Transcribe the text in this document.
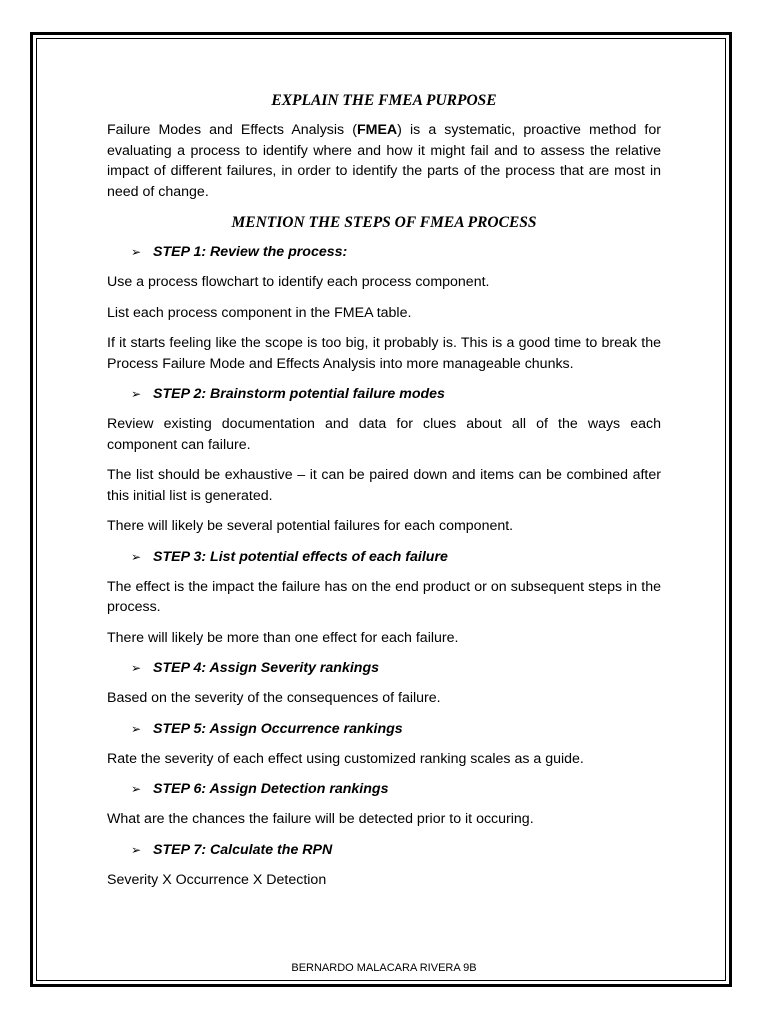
EXPLAIN THE FMEA PURPOSE

Failure Modes and Effects Analysis (FMEA) is a systematic, proactive method for evaluating a process to identify where and how it might fail and to assess the relative impact of different failures, in order to identify the parts of the process that are most in need of change.

MENTION THE STEPS OF FMEA PROCESS

➢ STEP 1: Review the process:

Use a process flowchart to identify each process component.

List each process component in the FMEA table.

If it starts feeling like the scope is too big, it probably is. This is a good time to break the Process Failure Mode and Effects Analysis into more manageable chunks.

➢ STEP 2: Brainstorm potential failure modes

Review existing documentation and data for clues about all of the ways each component can failure.

The list should be exhaustive – it can be paired down and items can be combined after this initial list is generated.

There will likely be several potential failures for each component.

➢ STEP 3: List potential effects of each failure

The effect is the impact the failure has on the end product or on subsequent steps in the process.

There will likely be more than one effect for each failure.

➢ STEP 4: Assign Severity rankings

Based on the severity of the consequences of failure.

➢ STEP 5: Assign Occurrence rankings

Rate the severity of each effect using customized ranking scales as a guide.

➢ STEP 6: Assign Detection rankings

What are the chances the failure will be detected prior to it occuring.

➢ STEP 7: Calculate the RPN

Severity X Occurrence X Detection

BERNARDO MALACARA RIVERA 9B
